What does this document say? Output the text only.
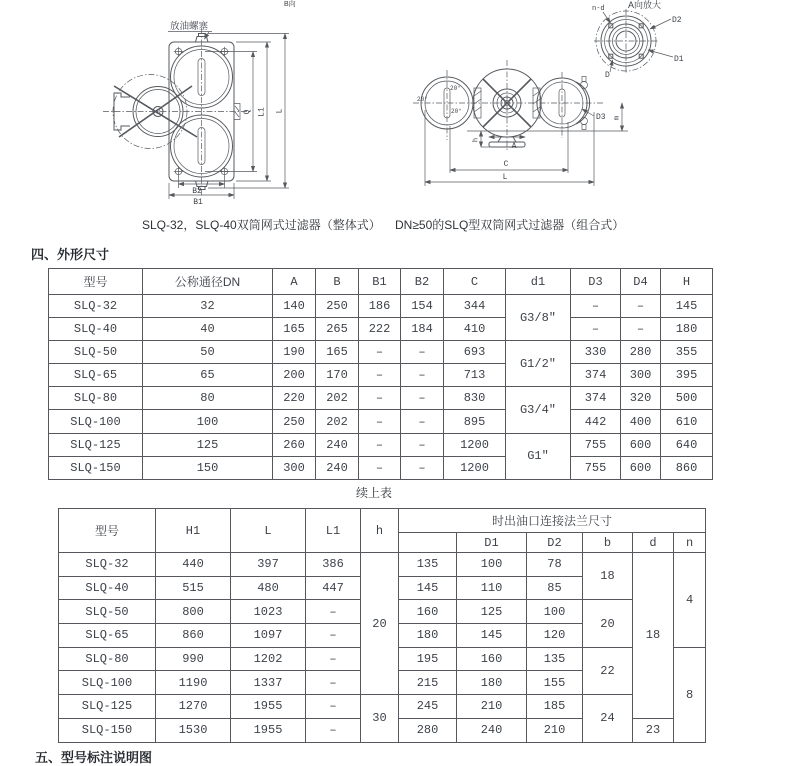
B向
放油螺塞
Q L1 L
B2
B1
A向放大
n-d
D2
D1
D
20°
20°
20°
D3 m
h
A
C
L
SLQ-32，SLQ-40双筒网式过滤器（整体式） DN≥50的SLQ型双筒网式过滤器（组合式）
四、外形尺寸
型号	公称通径DN	A	B	B1	B2	C	d1	D3	D4	H
SLQ-32	32	140	250	186	154	344	G3/8″	–	–	145
SLQ-40	40	165	265	222	184	410		–	–	180
SLQ-50	50	190	165	–	–	693	G1/2″	330	280	355
SLQ-65	65	200	170	–	–	713		374	300	395
SLQ-80	80	220	202	–	–	830	G3/4″	374	320	500
SLQ-100	100	250	202	–	–	895		442	400	610
SLQ-125	125	260	240	–	–	1200	G1″	755	600	640
SLQ-150	150	300	240	–	–	1200		755	600	860
续上表
型号	H1	L	L1	h	时出油口连接法兰尺寸					
						D1	D2	b	d	n
SLQ-32	440	397	386	20	135	100	78	18	18	4
SLQ-40	515	480	447		145	110	85			
SLQ-50	800	1023	–		160	125	100	20		
SLQ-65	860	1097	–		180	145	120			
SLQ-80	990	1202	–		195	160	135	22		8
SLQ-100	1190	1337	–		215	180	155			
SLQ-125	1270	1955	–	30	245	210	185	24		
SLQ-150	1530	1955	–		280	240	210		23	
五、型号标注说明图
